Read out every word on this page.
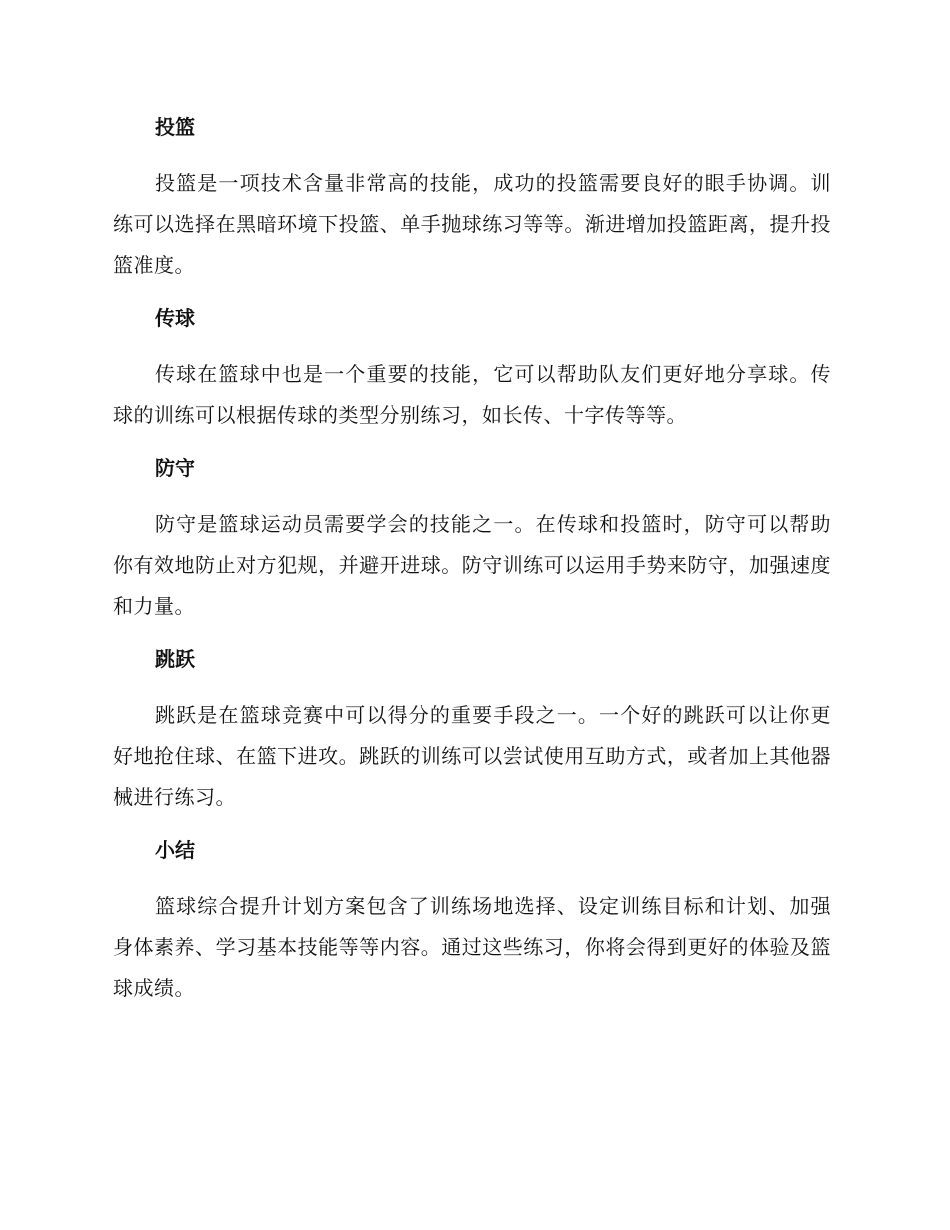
投篮

投篮是一项技术含量非常高的技能，成功的投篮需要良好的眼手协调。训练可以选择在黑暗环境下投篮、单手抛球练习等等。渐进增加投篮距离，提升投篮准度。

传球

传球在篮球中也是一个重要的技能，它可以帮助队友们更好地分享球。传球的训练可以根据传球的类型分别练习，如长传、十字传等等。

防守

防守是篮球运动员需要学会的技能之一。在传球和投篮时，防守可以帮助你有效地防止对方犯规，并避开进球。防守训练可以运用手势来防守，加强速度和力量。

跳跃

跳跃是在篮球竞赛中可以得分的重要手段之一。一个好的跳跃可以让你更好地抢住球、在篮下进攻。跳跃的训练可以尝试使用互助方式，或者加上其他器械进行练习。

小结

篮球综合提升计划方案包含了训练场地选择、设定训练目标和计划、加强身体素养、学习基本技能等等内容。通过这些练习，你将会得到更好的体验及篮球成绩。
